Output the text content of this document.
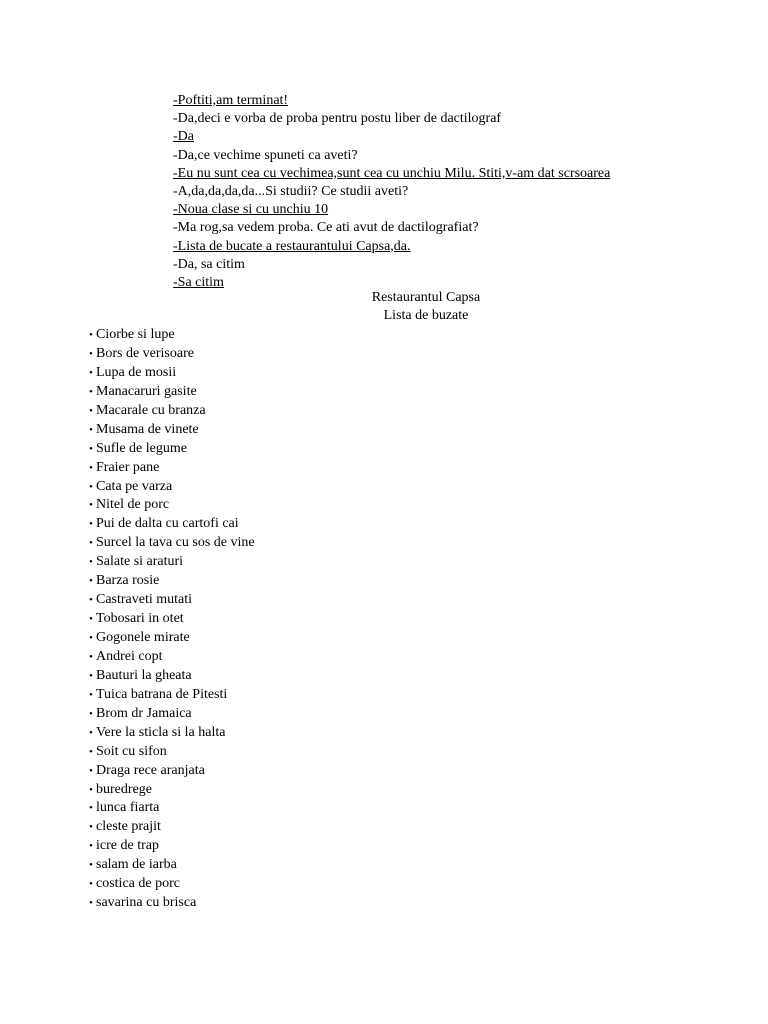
-Poftiti,am terminat!
-Da,deci e vorba de proba pentru postu liber de dactilograf
-Da
-Da,ce vechime spuneti ca aveti?
-Eu nu sunt cea cu vechimea,sunt cea cu unchiu Milu. Stiti,v-am dat scrsoarea
-A,da,da,da,da...Si studii? Ce studii aveti?
-Noua clase si cu unchiu 10
-Ma rog,sa vedem proba. Ce ati avut de dactilografiat?
-Lista de bucate a restaurantului Capsa,da.
-Da, sa citim
-Sa citim
Restaurantul Capsa
Lista de buzate
• Ciorbe si lupe
• Bors de verisoare
• Lupa de mosii
• Manacaruri gasite
• Macarale cu branza
• Musama de vinete
• Sufle de legume
• Fraier pane
• Cata pe varza
• Nitel de porc
• Pui de dalta cu cartofi cai
• Surcel la tava cu sos de vine
• Salate si araturi
• Barza rosie
• Castraveti mutati
• Tobosari in otet
• Gogonele mirate
• Andrei copt
• Bauturi la gheata
• Tuica batrana de Pitesti
• Brom dr Jamaica
• Vere la sticla si la halta
• Soit cu sifon
• Draga rece aranjata
• buredrege
• lunca fiarta
• cleste prajit
• icre de trap
• salam de iarba
• costica de porc
• savarina cu brisca
